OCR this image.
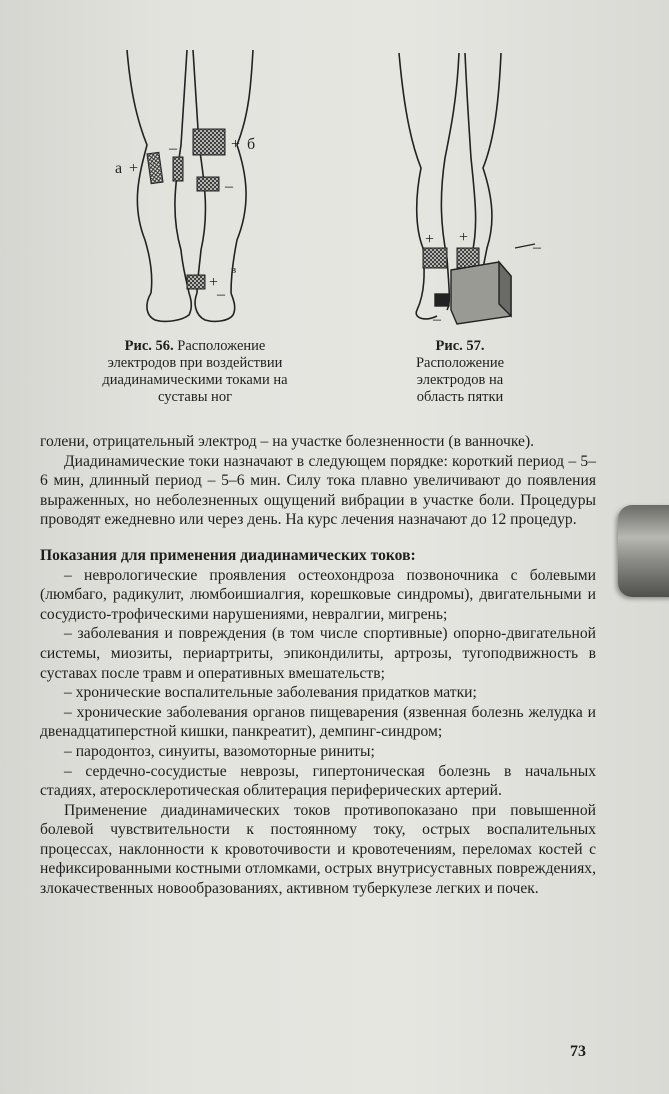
а +
–	+ б
–
в
+
–
Рис. 56. Расположение
электродов при воздействии
диадинамическими токами на
суставы ног
+ +
–
–
Рис. 57.
Расположение
электродов на
область пятки

голени, отрицательный электрод – на участке болезненности (в ванночке).

Диадинамические токи назначают в следующем порядке: короткий период – 5–6 мин, длинный период – 5–6 мин. Силу тока плавно увеличивают до появления выраженных, но неболезненных ощущений вибрации в участке боли. Процедуры проводят ежедневно или через день. На курс лечения назначают до 12 процедур.

Показания для применения диадинамических токов:

– неврологические проявления остеохондроза позвоночника с болевыми (люмбаго, радикулит, люмбоишиалгия, корешковые синдромы), двигательными и сосудисто-трофическими нарушениями, невралгии, мигрень;

– заболевания и повреждения (в том числе спортивные) опорно-двигательной системы, миозиты, периартриты, эпикондилиты, артрозы, тугоподвижность в суставах после травм и оперативных вмешательств;

– хронические воспалительные заболевания придатков матки;

– хронические заболевания органов пищеварения (язвенная болезнь желудка и двенадцатиперстной кишки, панкреатит), демпинг-синдром;

– пародонтоз, синуиты, вазомоторные риниты;

– сердечно-сосудистые неврозы, гипертоническая болезнь в начальных стадиях, атеросклеротическая облитерация периферических артерий.

Применение диадинамических токов противопоказано при повышенной болевой чувствительности к постоянному току, острых воспалительных процессах, наклонности к кровоточивости и кровотечениям, переломах костей с нефиксированными костными отломками, острых внутрисуставных повреждениях, злокачественных новообразованиях, активном туберкулезе легких и почек.

73
